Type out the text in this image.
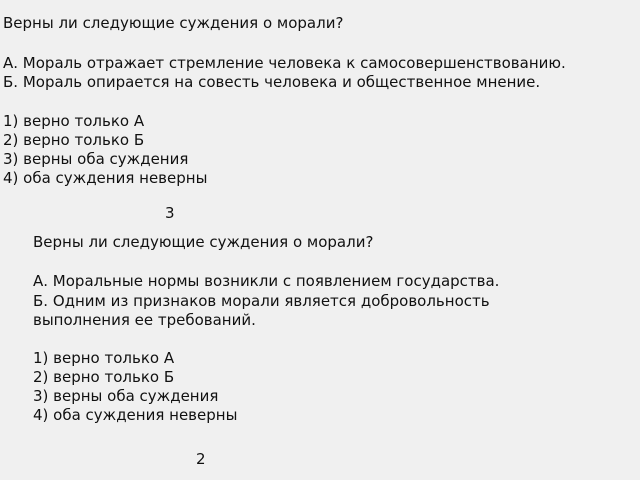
Верны ли следующие суждения о морали?
А. Мораль отражает стремление человека к самосовершенствованию.
Б. Мораль опирается на совесть человека и общественное мнение.
1) верно только А
2) верно только Б
3) верны оба суждения
4) оба суждения неверны
3
Верны ли следующие суждения о морали?
А. Моральные нормы возникли с появлением государства.
Б. Одним из признаков морали является добровольность
выполнения ее требований.
1) верно только А
2) верно только Б
3) верны оба суждения
4) оба суждения неверны
2
